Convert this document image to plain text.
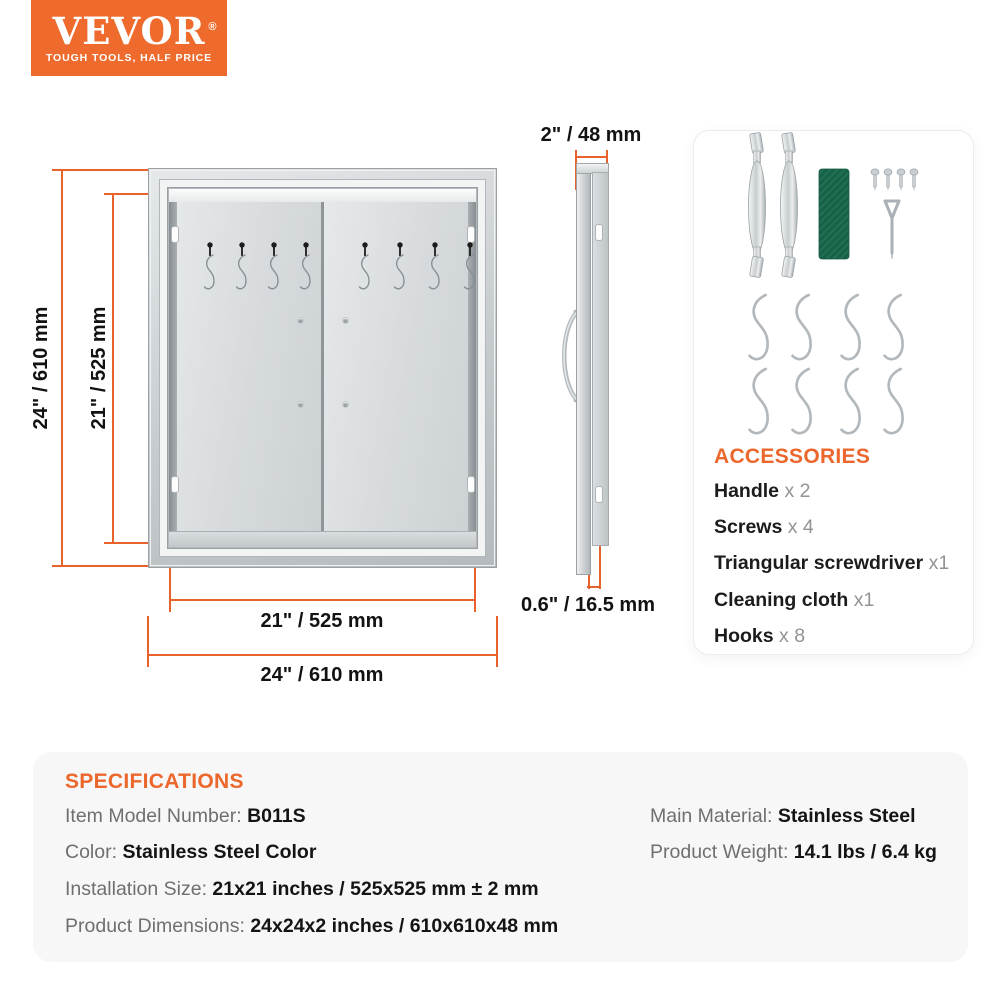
VEVOR ®
TOUGH TOOLS, HALF PRICE
24" / 610 mm 21" / 525 mm
21" / 525 mm
24" / 610 mm
2" / 48 mm
0.6" / 16.5 mm
ACCESSORIES
Handle x 2
Screws x 4
Triangular screwdriver x1
Cleaning cloth x1
Hooks x 8
SPECIFICATIONS
Item Model Number: B011S
Color: Stainless Steel Color
Installation Size: 21x21 inches / 525x525 mm ± 2 mm
Product Dimensions: 24x24x2 inches / 610x610x48 mm
Main Material: Stainless Steel
Product Weight: 14.1 lbs / 6.4 kg
